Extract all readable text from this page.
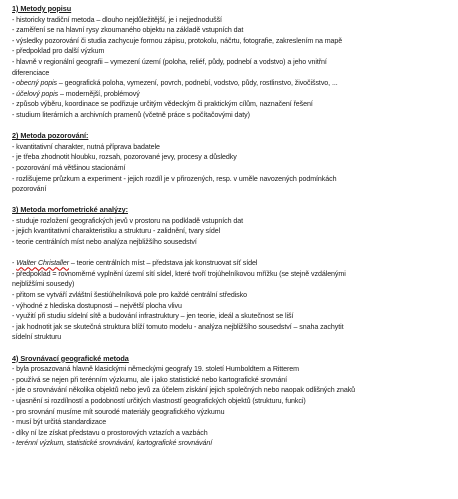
1) Metody popisu
- historicky tradiční metoda – dlouho nejdůležitější, je i nejjednodušší
- zaměření se na hlavní rysy zkoumaného objektu na základě vstupních dat
- výsledky pozorování či studia zachycuje formou zápisu, protokolu, náčrtu, fotografie, zakreslením na mapě
- předpoklad pro další výzkum
- hlavně v regionální geografii – vymezení území (poloha, reliéf, půdy, podnebí a vodstvo) a jeho vnitřní
diferenciace
- obecný popis – geografická poloha, vymezení, povrch, podnebí, vodstvo, půdy, rostlinstvo, živočišstvo, ...
- účelový popis – modernější, problémový
- způsob výběru, koordinace se podřizuje určitým vědeckým či praktickým cílům, naznačení řešení
- studium literárních a archivních pramenů (včetně práce s počítačovými daty)
2) Metoda pozorování:
- kvantitativní charakter, nutná příprava badatele
- je třeba zhodnotit hloubku, rozsah, pozorované jevy, procesy a důsledky
- pozorování má většinou stacionární
- rozlišujeme průzkum a experiment - jejich rozdíl je v přirozených, resp. v uměle navozených podmínkách
pozorování
3) Metoda morfometrické analýzy:
- studuje rozložení geografických jevů v prostoru na podkladě vstupních dat
- jejich kvantitativní charakteristiku a strukturu - zalidnění, tvary sídel
- teorie centrálních míst nebo analýza nejbližšího sousedství
- Walter Christaller – teorie centrálních míst – představa jak konstruovat síť sídel
- předpoklad = rovnoměrné vyplnění území sítí sídel, které tvoří trojúhelníkovou mřížku (se stejně vzdálenými
nejbližšími sousedy)
- přitom se vytváří zvláštní šestiúhelníková pole pro každé centrální středisko
- výhodné z hlediska dostupnosti – největší plocha vlivu
- využití při studiu sídelní sítě a budování infrastruktury – jen teorie, ideál a skutečnost se liší
- jak hodnotit jak se skutečná struktura blíží tomuto modelu - analýza nejbližšího sousedství – snaha zachytit
sídelní strukturu
4) Srovnávací geografické metoda
- byla prosazovaná hlavně klasickými německými geografy 19. století Humboldtem a Ritterem
- používá se nejen při terénním výzkumu, ale i jako statistické nebo kartografické srovnání
- jde o srovnávání několika objektů nebo jevů za účelem získání jejich společných nebo naopak odlišných znaků
- ujasnění si rozdílností a podobností určitých vlastností geografických objektů (strukturu, funkci)
- pro srovnání musíme mít sourodé materiály geografického výzkumu
- musí být určitá standardizace
- díky ní lze získat představu o prostorových vztazích a vazbách
- terénní výzkum, statistické srovnávání, kartografické srovnávání
